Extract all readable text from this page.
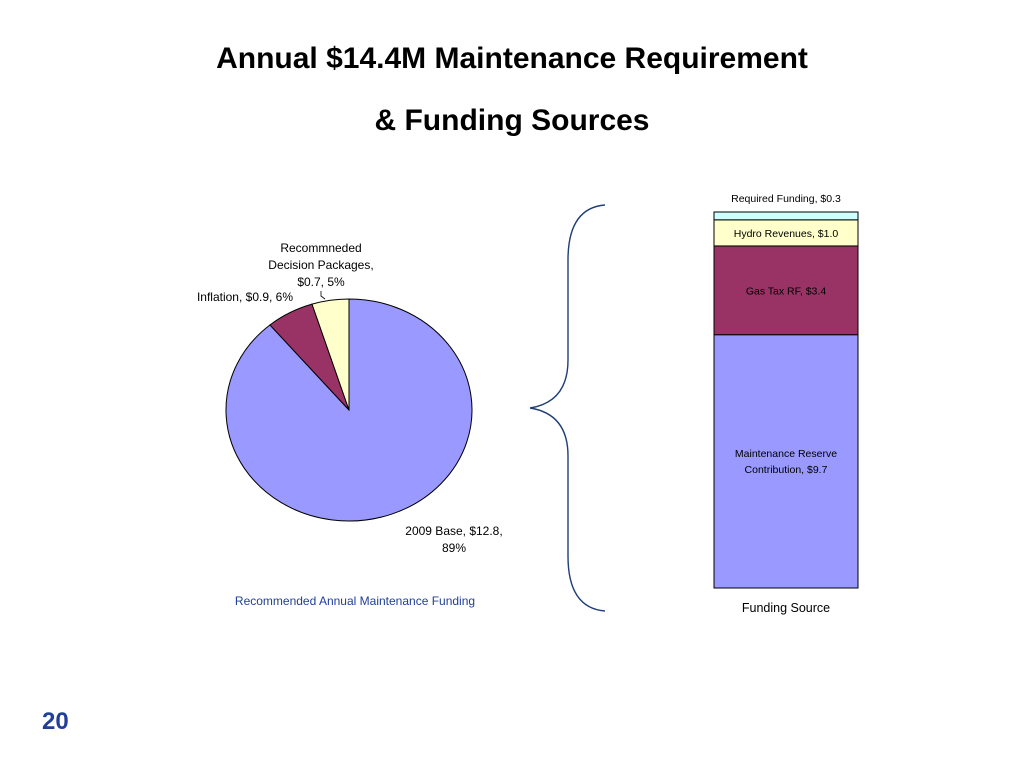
Annual $14.4M Maintenance Requirement
& Funding Sources
Maintenance Reserve
Contribution, $9.7
Gas Tax RF, $3.4
Hydro Revenues, $1.0
2009 Base, $12.8, 89%
Inflation, $0.9, 6%
Recommneded Decision Packages, $0.7, 5%
Required Funding, $0.3
Recommended Annual Maintenance Funding	Funding Source
20
